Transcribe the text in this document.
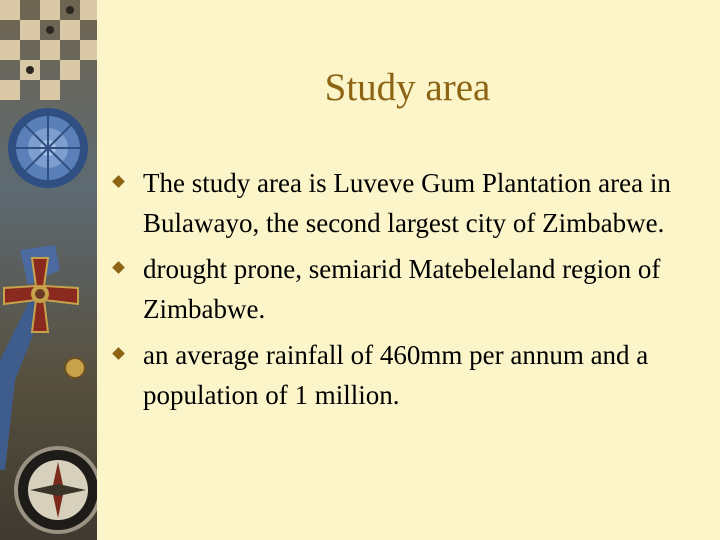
Study area
The study area is Luveve Gum Plantation area in Bulawayo, the second largest city of Zimbabwe.
drought prone, semiarid Matebeleland region of Zimbabwe.
an average rainfall of 460mm per annum and a population of 1 million.
